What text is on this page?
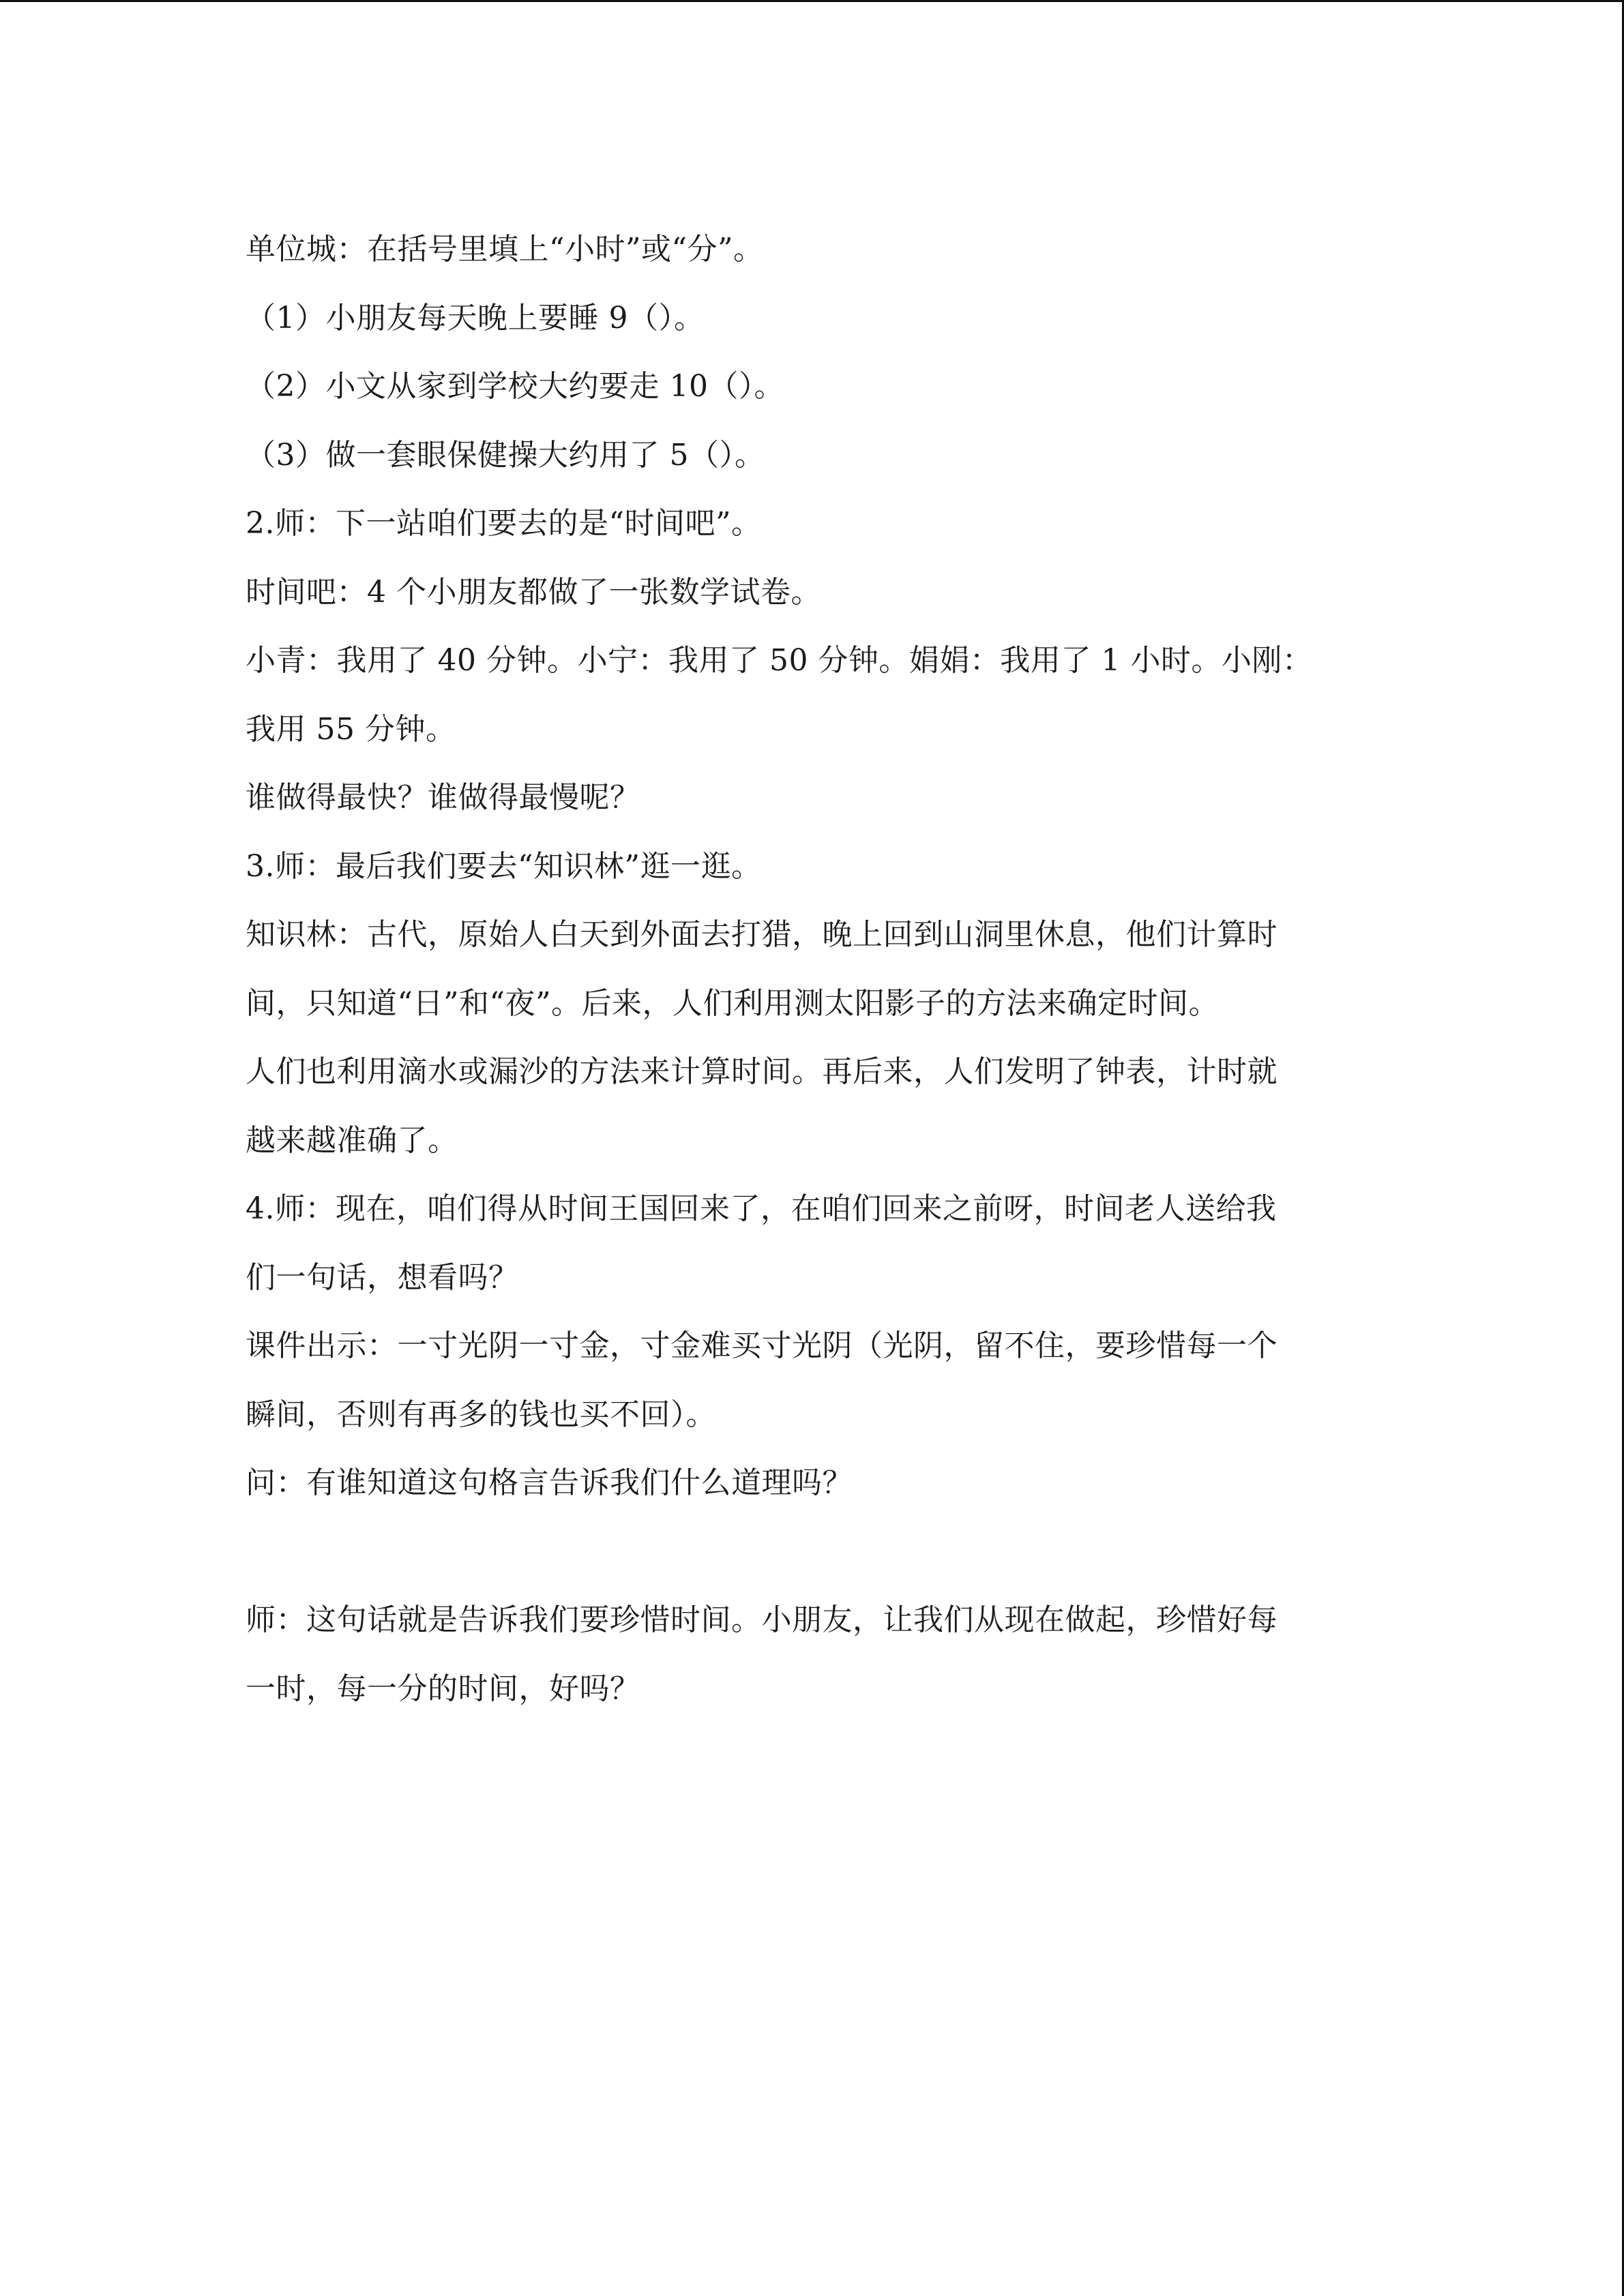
单位城：在括号里填上“小时”或“分”。
（1）小朋友每天晚上要睡 9（）。
（2）小文从家到学校大约要走 10（）。
（3）做一套眼保健操大约用了 5（）。
2.师：下一站咱们要去的是“时间吧”。
时间吧：4 个小朋友都做了一张数学试卷。
小青：我用了 40 分钟。小宁：我用了 50 分钟。娟娟：我用了 1 小时。小刚：
我用 55 分钟。
谁做得最快？谁做得最慢呢？
3.师：最后我们要去“知识林”逛一逛。
知识林：古代，原始人白天到外面去打猎，晚上回到山洞里休息，他们计算时
间，只知道“日”和“夜”。后来，人们利用测太阳影子的方法来确定时间。
人们也利用滴水或漏沙的方法来计算时间。再后来，人们发明了钟表，计时就
越来越准确了。
4.师：现在，咱们得从时间王国回来了，在咱们回来之前呀，时间老人送给我
们一句话，想看吗？
课件出示：一寸光阴一寸金，寸金难买寸光阴（光阴，留不住，要珍惜每一个
瞬间，否则有再多的钱也买不回）。
问：有谁知道这句格言告诉我们什么道理吗？
师：这句话就是告诉我们要珍惜时间。小朋友，让我们从现在做起，珍惜好每
一时，每一分的时间，好吗？
